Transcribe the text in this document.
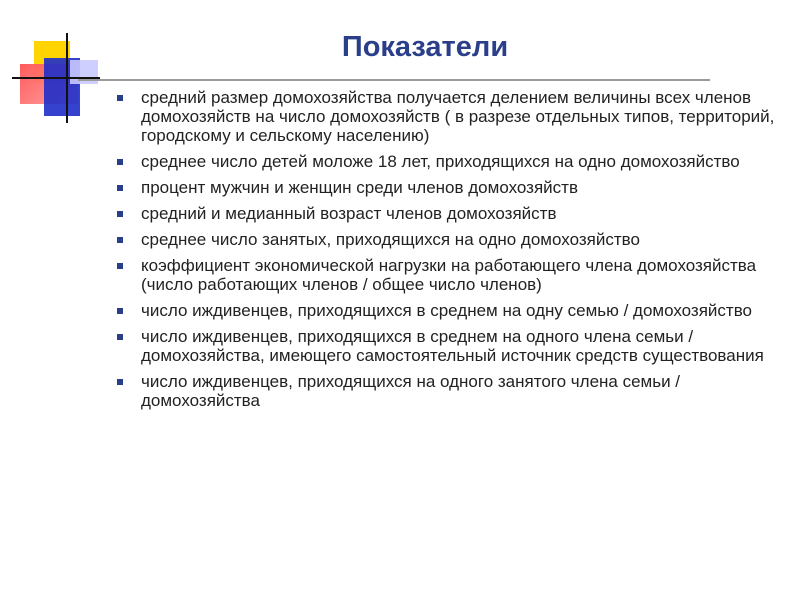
Показатели
средний размер домохозяйства получается делением величины всех членов домохозяйств на число домохозяйств ( в разрезе отдельных типов, территорий, городскому и сельскому населению)
среднее число детей моложе 18 лет, приходящихся на одно домохозяйство
процент мужчин и женщин среди членов домохозяйств
средний и медианный возраст членов домохозяйств
среднее число занятых, приходящихся на одно домохозяйство
коэффициент экономической нагрузки на работающего члена домохозяйства (число работающих членов / общее число членов)
число иждивенцев, приходящихся в среднем на одну семью / домохозяйство
число иждивенцев, приходящихся в среднем на одного члена семьи / домохозяйства, имеющего самостоятельный источник средств существования
число иждивенцев, приходящихся на одного занятого члена семьи / домохозяйства
